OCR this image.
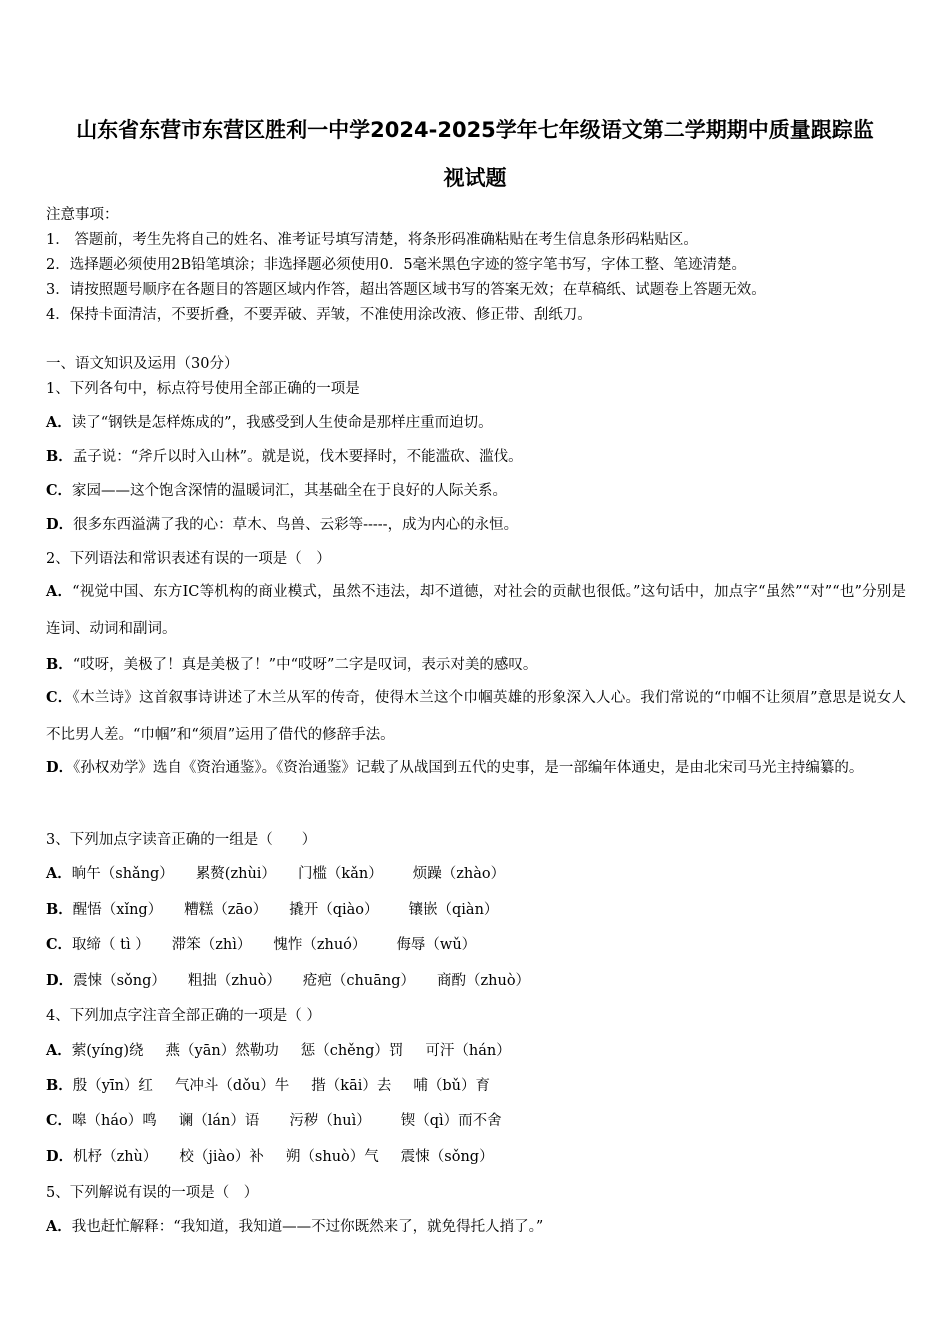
山东省东营市东营区胜利一中学2024-2025学年七年级语文第二学期期中质量跟踪监
视试题
注意事项：
1． 答题前，考生先将自己的姓名、准考证号填写清楚，将条形码准确粘贴在考生信息条形码粘贴区。
2．选择题必须使用2B铅笔填涂；非选择题必须使用0．5毫米黑色字迹的签字笔书写，字体工整、笔迹清楚。
3．请按照题号顺序在各题目的答题区域内作答，超出答题区域书写的答案无效；在草稿纸、试题卷上答题无效。
4．保持卡面清洁，不要折叠，不要弄破、弄皱，不准使用涂改液、修正带、刮纸刀。
一、语文知识及运用（30分）
1、下列各句中，标点符号使用全部正确的一项是
A．读了“钢铁是怎样炼成的”，我感受到人生使命是那样庄重而迫切。
B．孟子说：“斧斤以时入山林”。就是说，伐木要择时，不能滥砍、滥伐。
C．家园——这个饱含深情的温暖词汇，其基础全在于良好的人际关系。
D．很多东西溢满了我的心：草木、鸟兽、云彩等-----，成为内心的永恒。
2、下列语法和常识表述有误的一项是（　）
A．“视觉中国、东方IC等机构的商业模式，虽然不违法，却不道德，对社会的贡献也很低。”这句话中，加点字“虽然”“对”“也”分别是连词、动词和副词。
B．“哎呀，美极了！真是美极了！”中“哎呀”二字是叹词，表示对美的感叹。
C．《木兰诗》这首叙事诗讲述了木兰从军的传奇，使得木兰这个巾帼英雄的形象深入人心。我们常说的“巾帼不让须眉”意思是说女人不比男人差。“巾帼”和“须眉”运用了借代的修辞手法。
D．《孙权劝学》选自《资治通鉴》。《资治通鉴》记载了从战国到五代的史事，是一部编年体通史，是由北宋司马光主持编纂的。
3、下列加点字读音正确的一组是（　　）
A．晌午（shǎng） 累赘(zhùi） 门槛（kǎn） 烦躁（zhào）
B．醒悟（xǐng） 糟糕（zāo） 撬开（qiào） 镶嵌（qiàn）
C．取缔（ tì ） 滞笨（zhì） 愧怍（zhuó） 侮辱（wǔ）
D．震悚（sǒng） 粗拙（zhuò） 疮疤（chuāng） 商酌（zhuò）
4、下列加点字注音全部正确的一项是（ ）
A．萦(yíng)绕 燕（yān）然勒功 惩（chěng）罚 可汗（hán）
B．殷（yīn）红 气冲斗（dǒu）牛 揩（kāi）去 哺（bǔ）育
C．嗥（háo）鸣 谰（lán）语 污秽（huì） 锲（qì）而不舍
D．机杼（zhù） 校（jiào）补 朔（shuò）气 震悚（sǒng）
5、下列解说有误的一项是（　）
A．我也赶忙解释：“我知道，我知道——不过你既然来了，就免得托人捎了。”
